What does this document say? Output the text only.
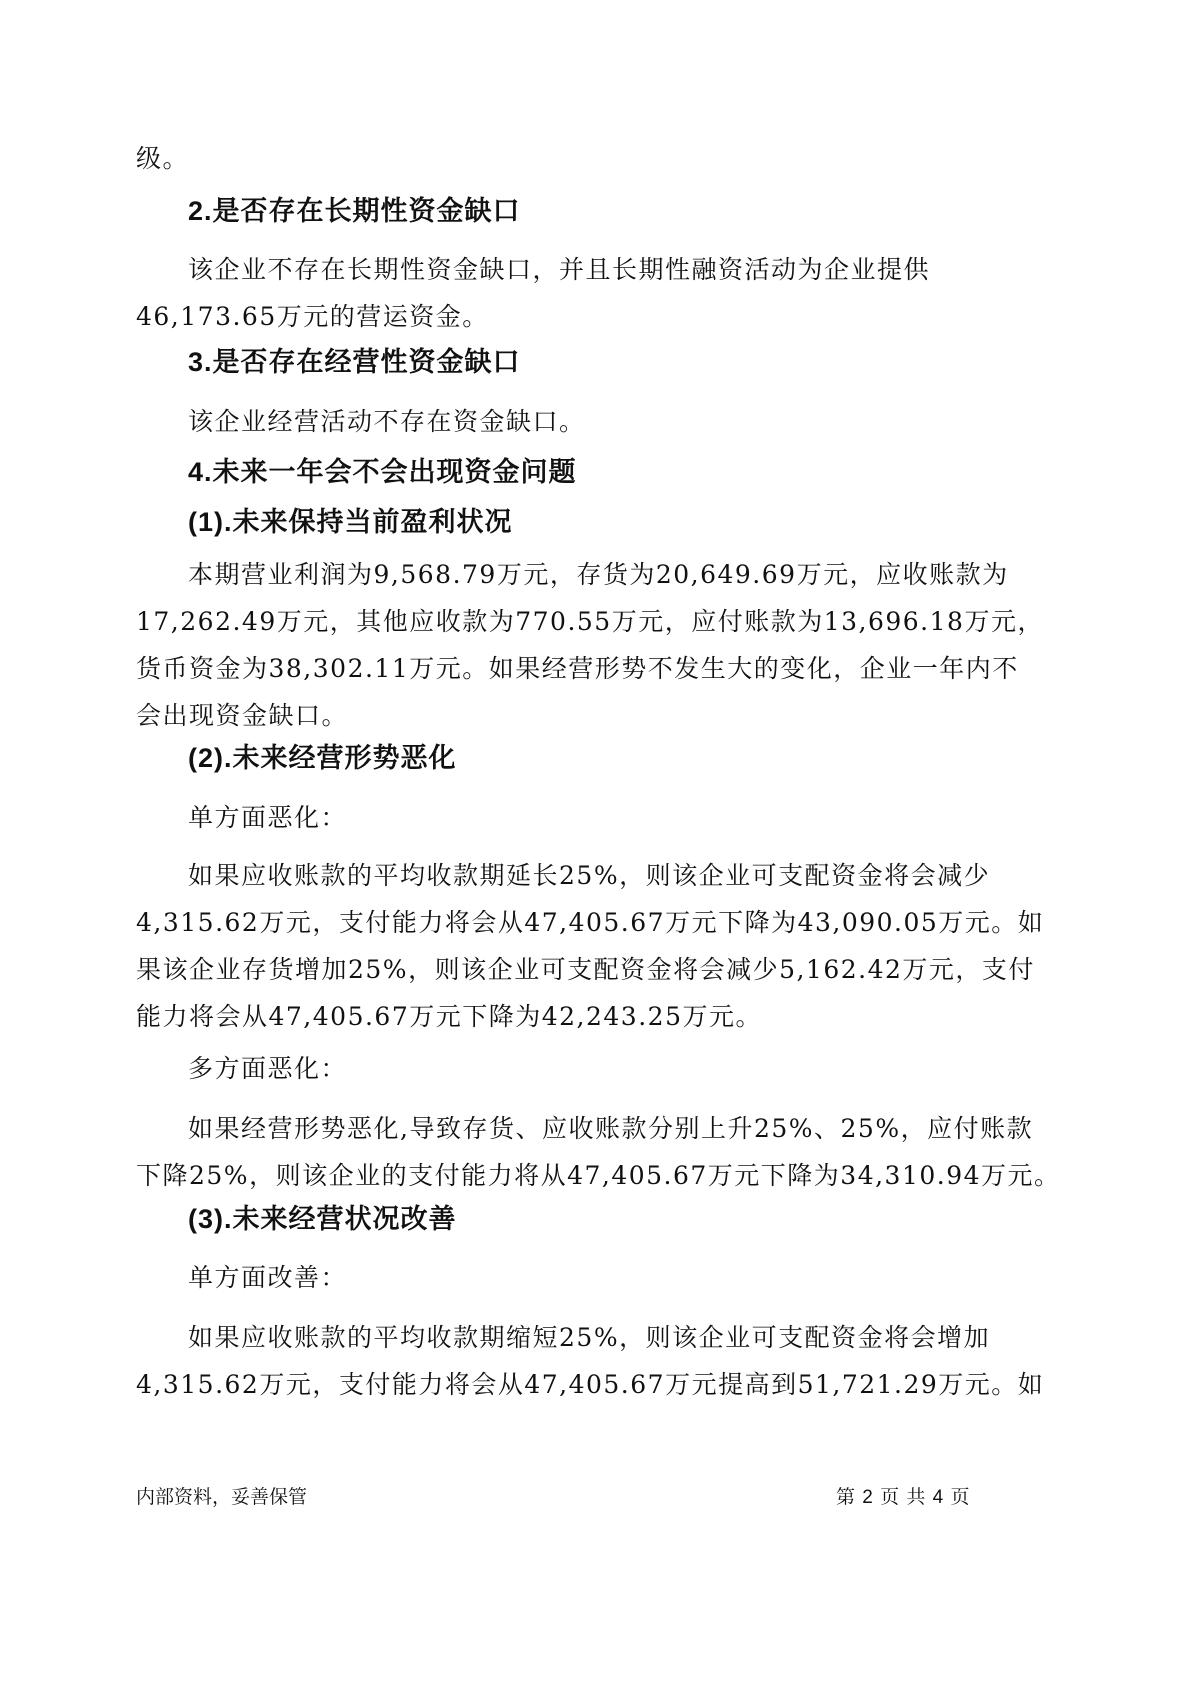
级。
2.是否存在长期性资金缺口
该企业不存在长期性资金缺口，并且长期性融资活动为企业提供
46,173.65万元的营运资金。
3.是否存在经营性资金缺口
该企业经营活动不存在资金缺口。
4.未来一年会不会出现资金问题
(1).未来保持当前盈利状况
本期营业利润为9,568.79万元，存货为20,649.69万元，应收账款为
17,262.49万元，其他应收款为770.55万元，应付账款为13,696.18万元，
货币资金为38,302.11万元。如果经营形势不发生大的变化，企业一年内不
会出现资金缺口。
(2).未来经营形势恶化
单方面恶化：
如果应收账款的平均收款期延长25%，则该企业可支配资金将会减少
4,315.62万元，支付能力将会从47,405.67万元下降为43,090.05万元。如
果该企业存货增加25%，则该企业可支配资金将会减少5,162.42万元，支付
能力将会从47,405.67万元下降为42,243.25万元。
多方面恶化：
如果经营形势恶化,导致存货、应收账款分别上升25%、25%，应付账款
下降25%，则该企业的支付能力将从47,405.67万元下降为34,310.94万元。
(3).未来经营状况改善
单方面改善：
如果应收账款的平均收款期缩短25%，则该企业可支配资金将会增加
4,315.62万元，支付能力将会从47,405.67万元提高到51,721.29万元。如
内部资料，妥善保管	第 2 页 共 4 页
